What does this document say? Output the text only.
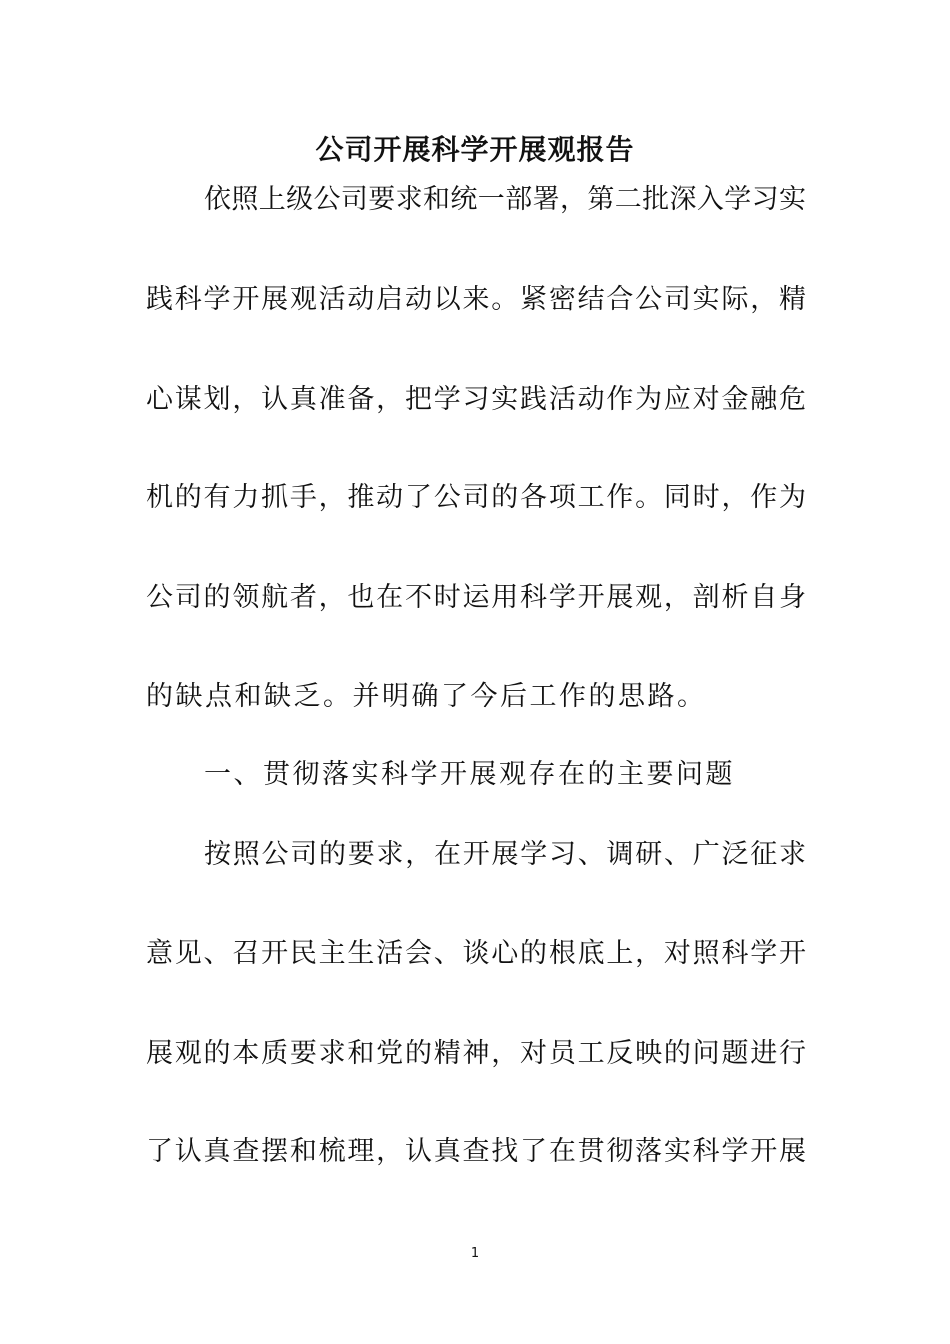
公司开展科学开展观报告
依照上级公司要求和统一部署，第二批深入学习实
践科学开展观活动启动以来。紧密结合公司实际，精
心谋划，认真准备，把学习实践活动作为应对金融危
机的有力抓手，推动了公司的各项工作。同时，作为
公司的领航者，也在不时运用科学开展观，剖析自身
的缺点和缺乏。并明确了今后工作的思路。
一、贯彻落实科学开展观存在的主要问题
按照公司的要求，在开展学习、调研、广泛征求
意见、召开民主生活会、谈心的根底上，对照科学开
展观的本质要求和党的精神，对员工反映的问题进行
了认真查摆和梳理，认真查找了在贯彻落实科学开展
1
